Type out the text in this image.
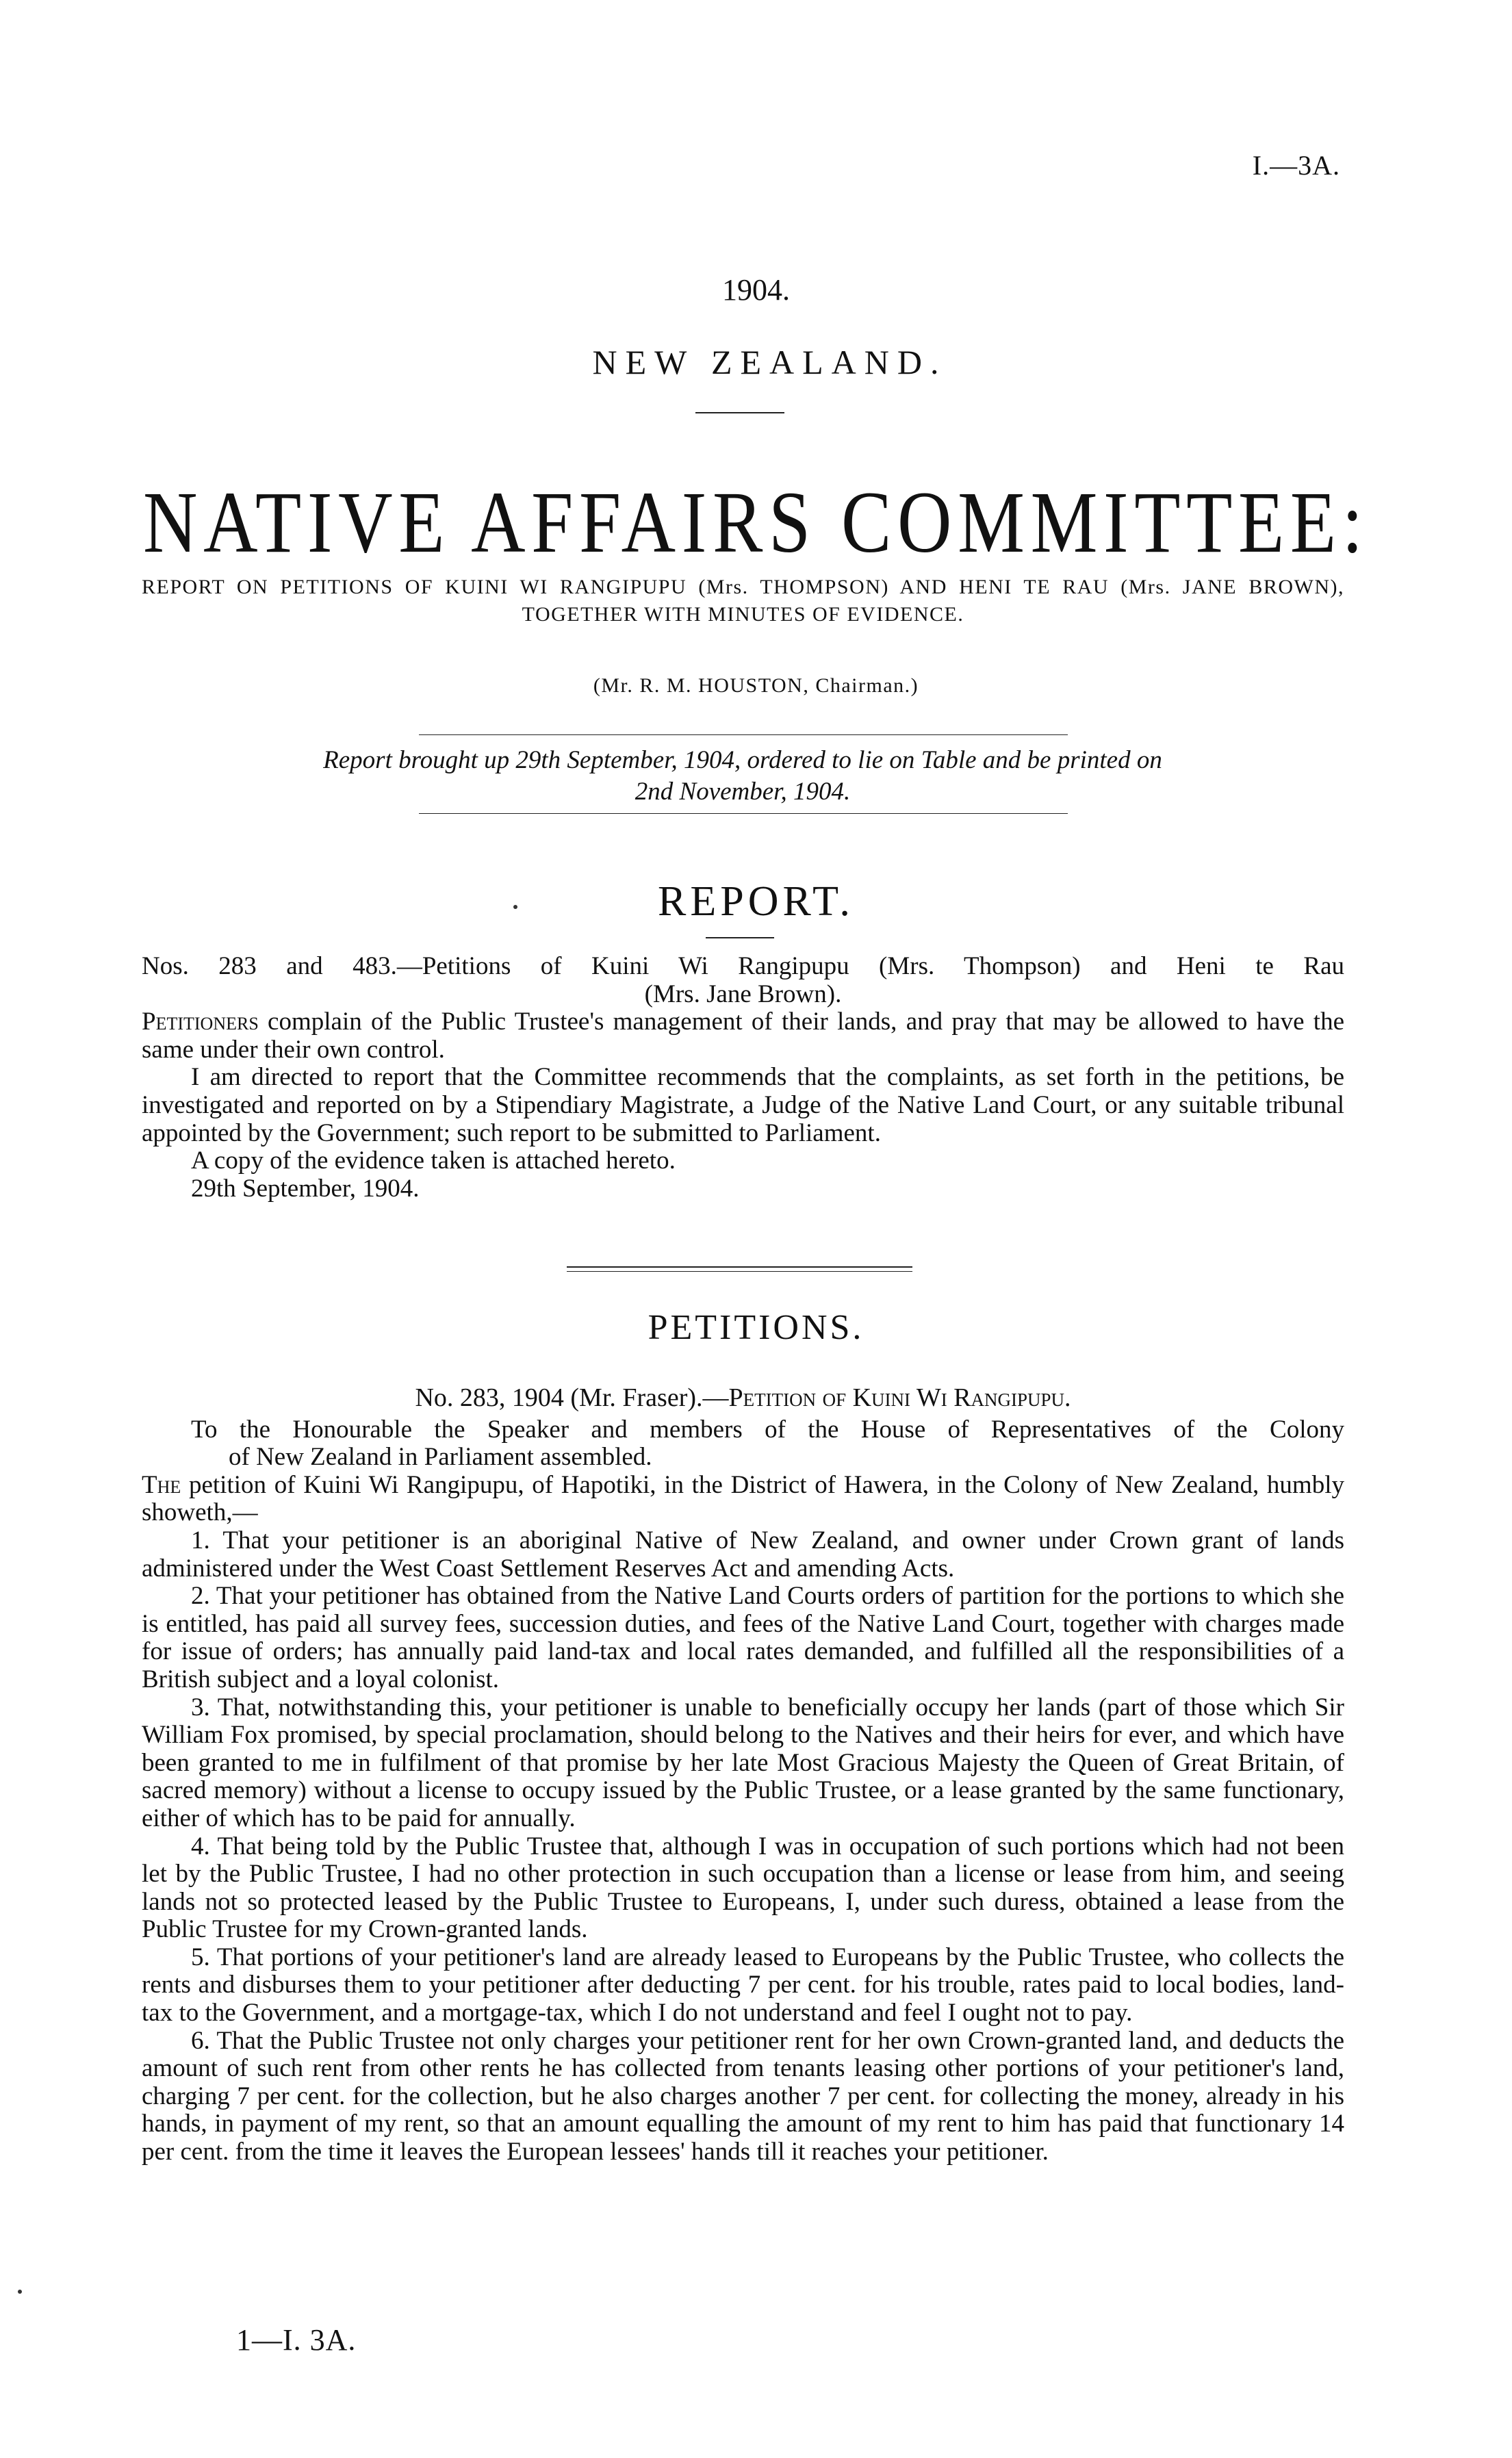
I.—3A.
1904.
NEW ZEALAND.
NATIVE AFFAIRS COMMITTEE:
REPORT ON PETITIONS OF KUINI WI RANGIPUPU (Mrs. THOMPSON) AND HENI TE RAU (Mrs. JANE BROWN), TOGETHER WITH MINUTES OF EVIDENCE.
(Mr. R. M. HOUSTON, Chairman.)
Report brought up 29th September, 1904, ordered to lie on Table and be printed on
2nd November, 1904.
REPORT.

Nos. 283 and 483.—Petitions of Kuini Wi Rangipupu (Mrs. Thompson) and Heni te Rau

(Mrs. Jane Brown).

Petitioners complain of the Public Trustee's management of their lands, and pray that may be allowed to have the same under their own control.

I am directed to report that the Committee recommends that the complaints, as set forth in the petitions, be investigated and reported on by a Stipendiary Magistrate, a Judge of the Native Land Court, or any suitable tribunal appointed by the Government; such report to be submitted to Parliament.

A copy of the evidence taken is attached hereto.

29th September, 1904.

PETITIONS.

No. 283, 1904 (Mr. Fraser).—Petition of Kuini Wi Rangipupu.

To the Honourable the Speaker and members of the House of Representatives of the Colony

of New Zealand in Parliament assembled.

The petition of Kuini Wi Rangipupu, of Hapotiki, in the District of Hawera, in the Colony of New Zealand, humbly showeth,—

1. That your petitioner is an aboriginal Native of New Zealand, and owner under Crown grant of lands administered under the West Coast Settlement Reserves Act and amending Acts.

2. That your petitioner has obtained from the Native Land Courts orders of partition for the portions to which she is entitled, has paid all survey fees, succession duties, and fees of the Native Land Court, together with charges made for issue of orders; has annually paid land-tax and local rates demanded, and fulfilled all the responsibilities of a British subject and a loyal colonist.

3. That, notwithstanding this, your petitioner is unable to beneficially occupy her lands (part of those which Sir William Fox promised, by special proclamation, should belong to the Natives and their heirs for ever, and which have been granted to me in fulfilment of that promise by her late Most Gracious Majesty the Queen of Great Britain, of sacred memory) without a license to occupy issued by the Public Trustee, or a lease granted by the same functionary, either of which has to be paid for annually.

4. That being told by the Public Trustee that, although I was in occupation of such portions which had not been let by the Public Trustee, I had no other protection in such occupation than a license or lease from him, and seeing lands not so protected leased by the Public Trustee to Europeans, I, under such duress, obtained a lease from the Public Trustee for my Crown-granted lands.

5. That portions of your petitioner's land are already leased to Europeans by the Public Trustee, who collects the rents and disburses them to your petitioner after deducting 7 per cent. for his trouble, rates paid to local bodies, land-tax to the Government, and a mortgage-tax, which I do not understand and feel I ought not to pay.

6. That the Public Trustee not only charges your petitioner rent for her own Crown-granted land, and deducts the amount of such rent from other rents he has collected from tenants leasing other portions of your petitioner's land, charging 7 per cent. for the collection, but he also charges another 7 per cent. for collecting the money, already in his hands, in payment of my rent, so that an amount equalling the amount of my rent to him has paid that functionary 14 per cent. from the time it leaves the European lessees' hands till it reaches your petitioner.

1—I. 3A.
